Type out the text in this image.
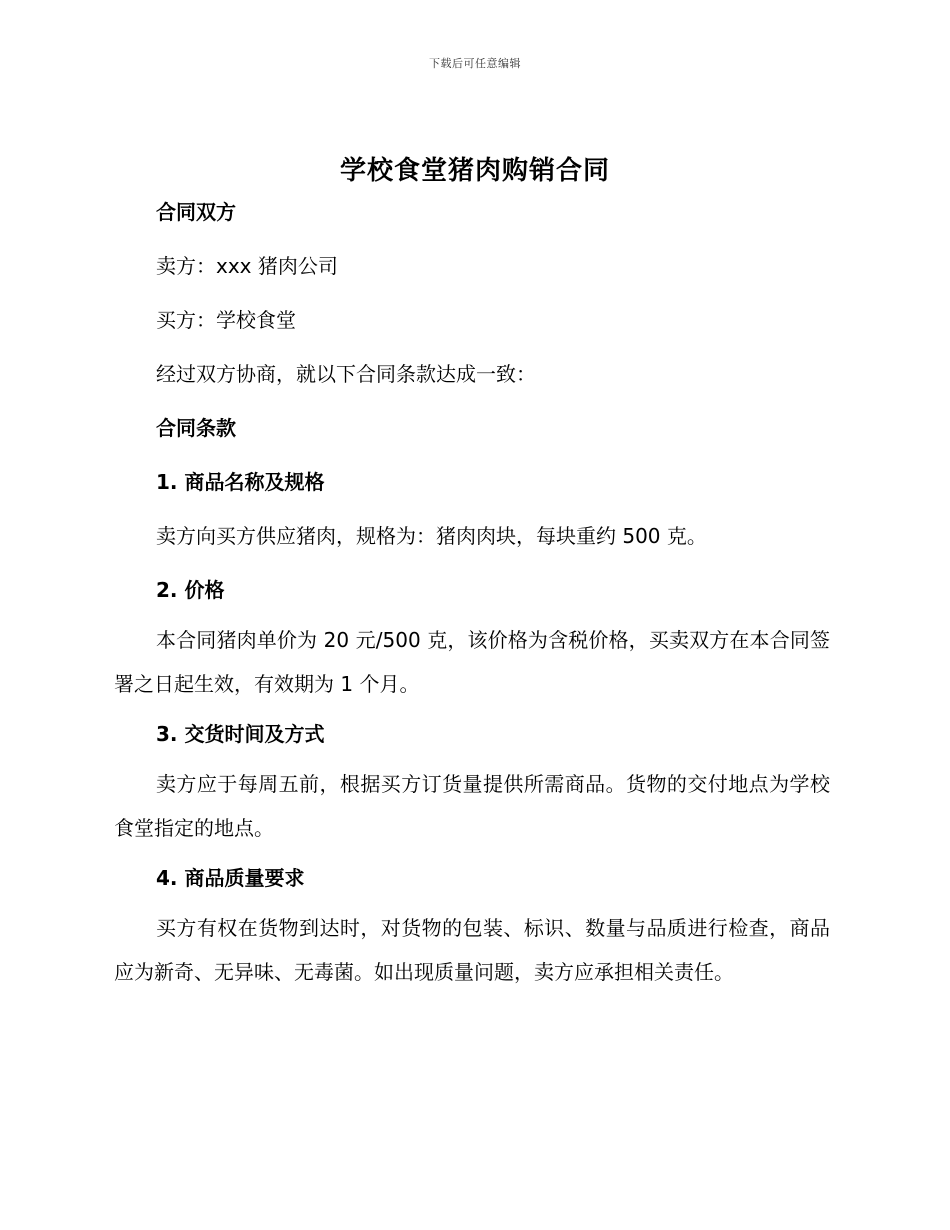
下载后可任意编辑
学校食堂猪肉购销合同

合同双方

卖方：xxx 猪肉公司

买方：学校食堂

经过双方协商，就以下合同条款达成一致：

合同条款

1. 商品名称及规格

卖方向买方供应猪肉，规格为：猪肉肉块，每块重约 500 克。

2. 价格

本合同猪肉单价为 20 元/500 克，该价格为含税价格，买卖双方在本合同签署之日起生效，有效期为 1 个月。

3. 交货时间及方式

卖方应于每周五前，根据买方订货量提供所需商品。货物的交付地点为学校食堂指定的地点。

4. 商品质量要求

买方有权在货物到达时，对货物的包装、标识、数量与品质进行检查，商品应为新奇、无异味、无毒菌。如出现质量问题，卖方应承担相关责任。
